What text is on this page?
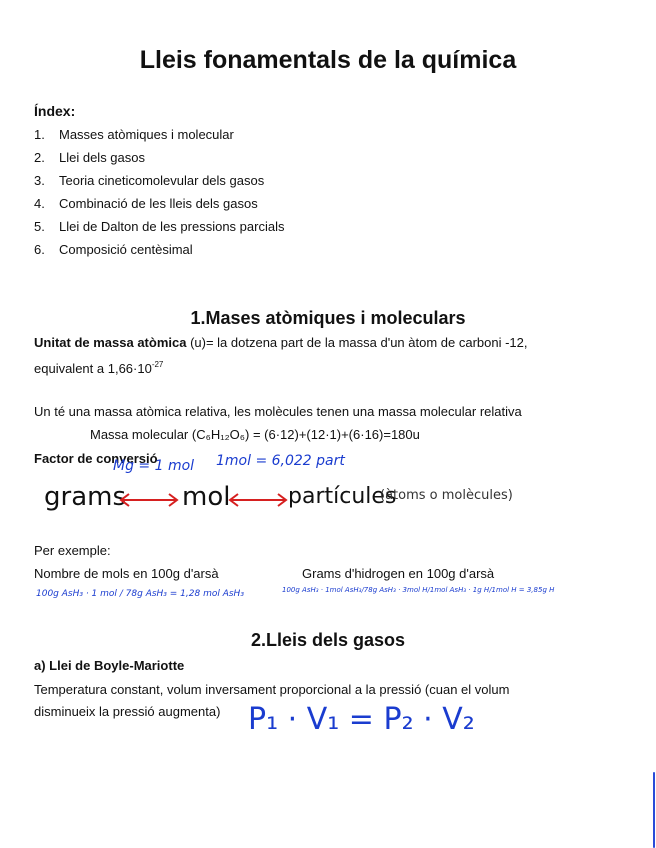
Lleis fonamentals de la química
Índex:
1.	Masses atòmiques i molecular
2.	Llei dels gasos
3.	Teoria cineticomolevular dels gasos
4.	Combinació de les lleis dels gasos
5.	Llei de Dalton de les pressions parcials
6.	Composició centèsimal
1.Mases atòmiques i moleculars
Unitat de massa atòmica (u)= la dotzena part de la massa d'un àtom de carboni -12,
equivalent a $1,66\cdot 10^{-27}$
Un té una massa atòmica relativa, les molècules tenen una massa molecular relativa
Massa molecular (C₆H₁₂O₆) = (6·12)+(12·1)+(6·16)=180u
Factor de conversió
Mg = 1 mol 1mol = 6,022 part
grams mol	partícules
(àtoms o molècules)
Per exemple:
Nombre de mols en 100g d'arsà	Grams d'hidrogen en 100g d'arsà
100g AsH₃ · 1 mol / 78g AsH₃ = 1,28 mol AsH₃	100g AsH₃ · 1mol AsH₃/78g AsH₃ · 3mol H/1mol AsH₃ · 1g H/1mol H = 3,85g H
2.Lleis dels gasos
a) Llei de Boyle-Mariotte
Temperatura constant, volum inversament proporcional a la pressió (cuan el volum
disminueix la pressió augmenta) P₁ · V₁ = P₂ · V₂
